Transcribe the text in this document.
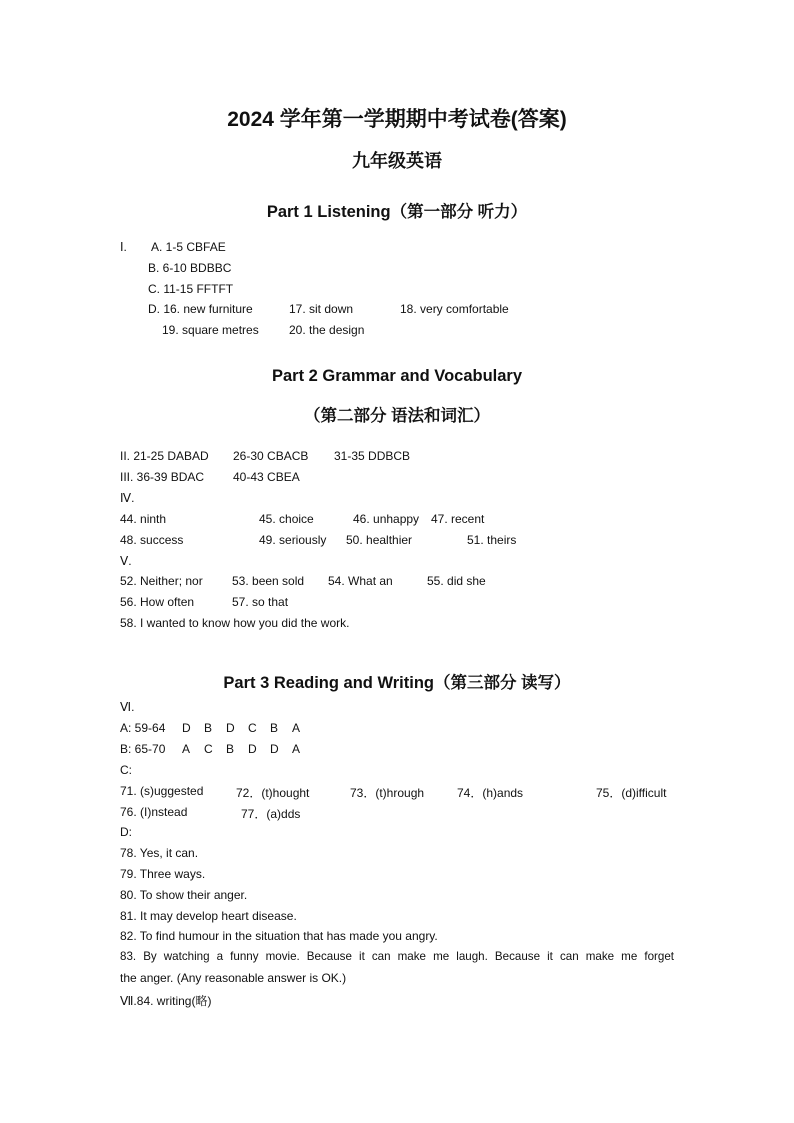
2024 学年第一学期期中考试卷(答案)
九年级英语
Part 1 Listening（第一部分 听力）
Ⅰ. A. 1-5 CBFAE
B. 6-10 BDBBC
C. 11-15 FFTFT
D. 16. new furniture	17. sit down	18. very comfortable
19. square metres	20. the design
Part 2 Grammar and Vocabulary
（第二部分 语法和词汇）
II. 21-25 DABAD 26-30 CBACB 31-35 DDBCB
III. 36-39 BDAC 40-43 CBEA
Ⅳ.
44. ninth	45. choice	46. unhappy 47. recent
48. success	49. seriously 50. healthier	51. theirs
Ⅴ.
52. Neither; nor 53. been sold 54. What an	55. did she
56. How often	57. so that
58. I wanted to know how you did the work.
Part 3 Reading and Writing（第三部分 读写）
Ⅵ.
A: 59-64 D B D C B A
B: 65-70 A C B D D A
C:
71. (s)uggested	72．(t)hought	73．(t)hrough	74．(h)ands	75．(d)ifficult
76. (I)nstead	77．(a)dds
D:
78. Yes, it can.
79. Three ways.
80. To show their anger.
81. It may develop heart disease.
82. To find humour in the situation that has made you angry.
83. By watching a funny movie. Because it can make me laugh. Because it can make me forget
the anger. (Any reasonable answer is OK.)
Ⅶ.84. writing(略)
